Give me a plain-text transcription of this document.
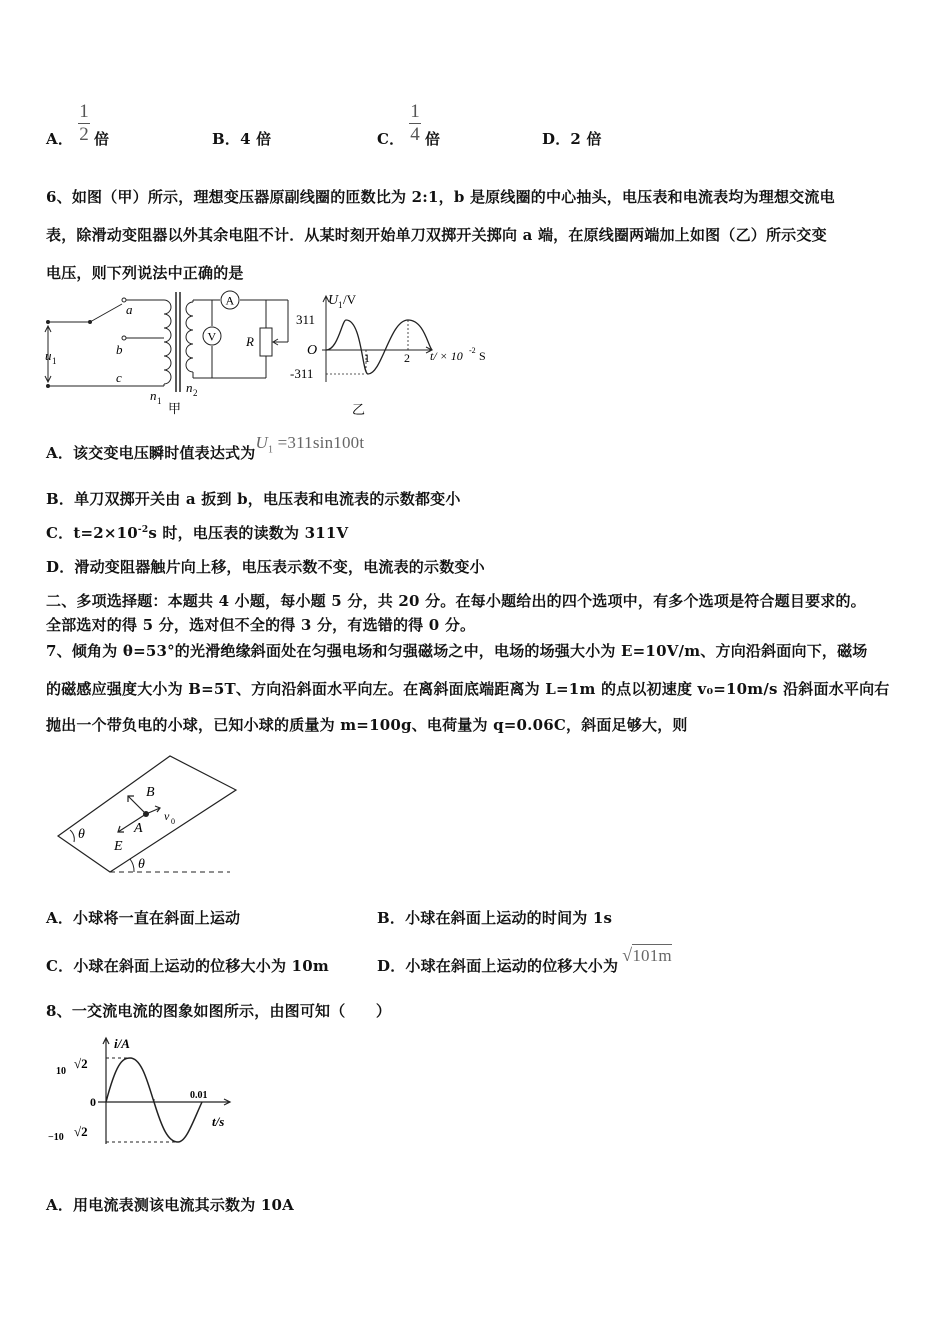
A．
1
2 倍	B．4 倍	C．
1
4 倍	D．2 倍
6、如图（甲）所示，理想变压器原副线圈的匝数比为 2:1，b 是原线圈的中心抽头，电压表和电流表均为理想交流电
表，除滑动变阻器以外其余电阻不计．从某时刻开始单刀双掷开关掷向 a 端，在原线圈两端加上如图（乙）所示交变
电压，则下列说法中正确的是
a
b
c
u 1
n 1
n 2
A
V R
甲
U 1 /V
311
-311
O	1	2 t/ × 10 -2 S
乙
A．该交变电压瞬时值表达式为$U_1 =311\sin 100t$
B．单刀双掷开关由 a 扳到 b，电压表和电流表的示数都变小
C．$t=2\times 10^{-2}s$ 时，电压表的读数为 311V
D．滑动变阻器触片向上移，电压表示数不变，电流表的示数变小
二、多项选择题：本题共 4 小题，每小题 5 分，共 20 分。在每小题给出的四个选项中，有多个选项是符合题目要求的。
全部选对的得 5 分，选对但不全的得 3 分，有选错的得 0 分。
7、倾角为 θ=53°的光滑绝缘斜面处在匀强电场和匀强磁场之中，电场的场强大小为 E=10V/m、方向沿斜面向下，磁场
的磁感应强度大小为 B=5T、方向沿斜面水平向左。在离斜面底端距离为 L=1m 的点以初速度 v₀=10m/s 沿斜面水平向右
抛出一个带负电的小球，已知小球的质量为 m=100g、电荷量为 q=0.06C，斜面足够大，则
B
A
E
v 0
θ
θ
A．小球将一直在斜面上运动	B．小球在斜面上运动的时间为 1s
C．小球在斜面上运动的位移大小为 10m	D．小球在斜面上运动的位移大小为√101m
8、一交流电流的图象如图所示，由图可知（　　）
i/A
10
√2
−10 √2
0	0.01
t/s
A．用电流表测该电流其示数为 10A
